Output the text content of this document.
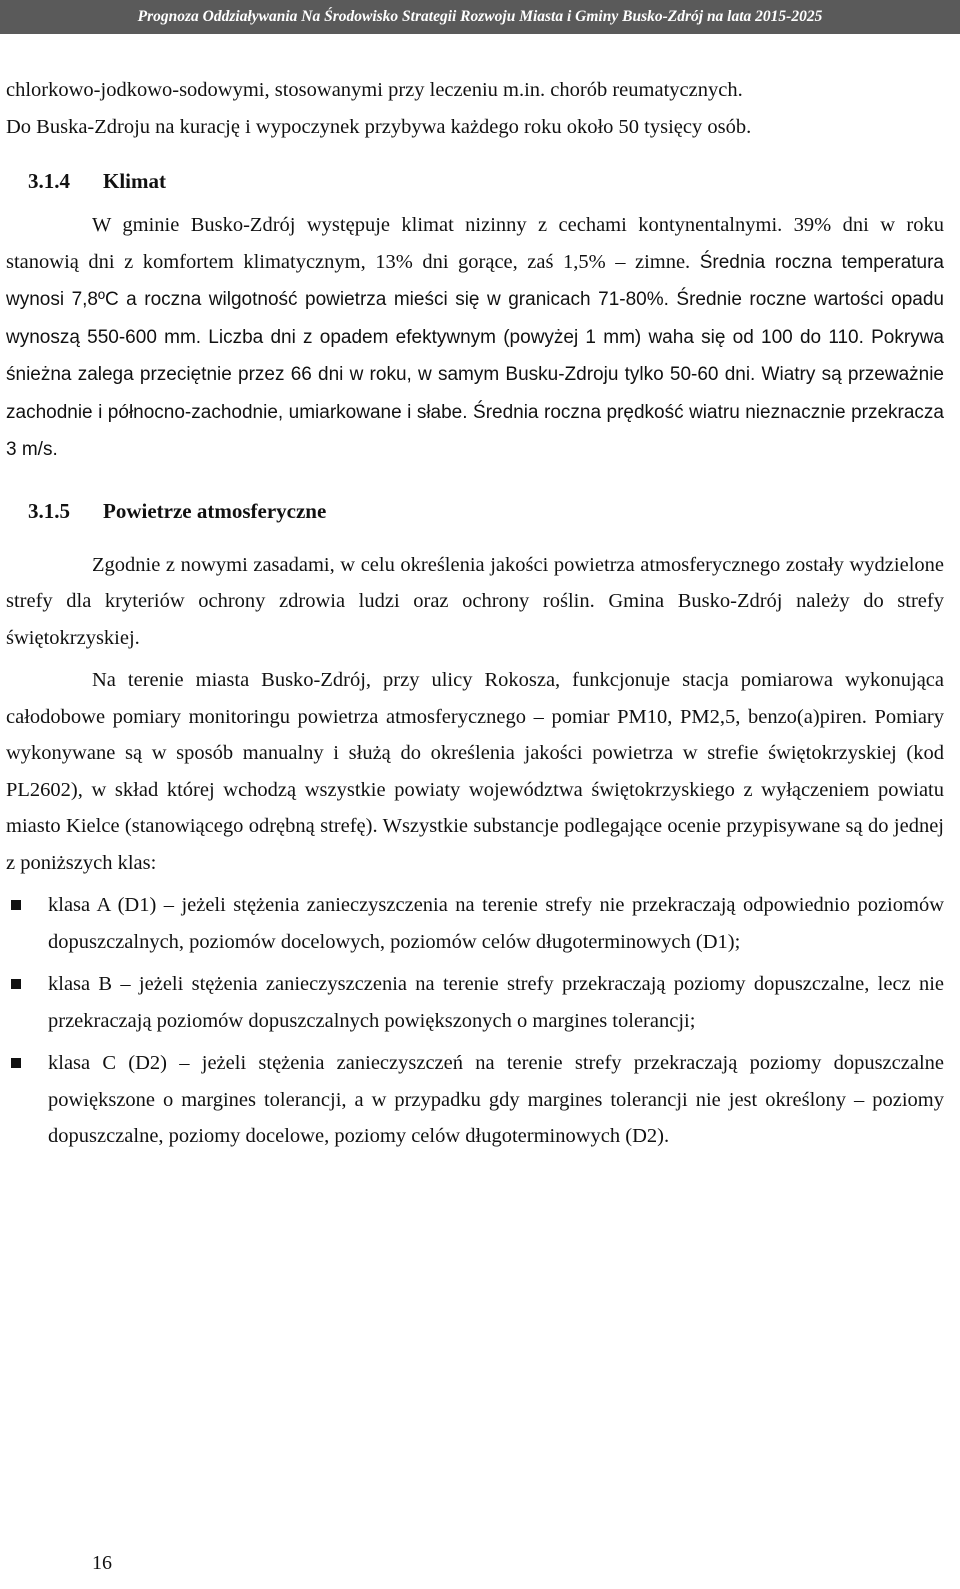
Prognoza Oddziaływania Na Środowisko Strategii Rozwoju Miasta i Gminy Busko-Zdrój na lata 2015-2025

chlorkowo-jodkowo-sodowymi, stosowanymi przy leczeniu m.in. chorób reumatycznych.

Do Buska-Zdroju na kurację i wypoczynek przybywa każdego roku około 50 tysięcy osób.

3.1.4 Klimat

W gminie Busko-Zdrój występuje klimat nizinny z cechami kontynentalnymi. 39% dni w roku stanowią dni z komfortem klimatycznym, 13% dni gorące, zaś 1,5% – zimne. Średnia roczna temperatura wynosi 7,8ºC a roczna wilgotność powietrza mieści się w granicach 71-80%. Średnie roczne wartości opadu wynoszą 550-600 mm. Liczba dni z opadem efektywnym (powyżej 1 mm) waha się od 100 do 110. Pokrywa śnieżna zalega przeciętnie przez 66 dni w roku, w samym Busku-Zdroju tylko 50-60 dni. Wiatry są przeważnie zachodnie i północno-zachodnie, umiarkowane i słabe. Średnia roczna prędkość wiatru nieznacznie przekracza 3 m/s.

3.1.5 Powietrze atmosferyczne

Zgodnie z nowymi zasadami, w celu określenia jakości powietrza atmosferycznego zostały wydzielone strefy dla kryteriów ochrony zdrowia ludzi oraz ochrony roślin. Gmina Busko-Zdrój należy do strefy świętokrzyskiej.

Na terenie miasta Busko-Zdrój, przy ulicy Rokosza, funkcjonuje stacja pomiarowa wykonująca całodobowe pomiary monitoringu powietrza atmosferycznego – pomiar PM10, PM2,5, benzo(a)piren. Pomiary wykonywane są w sposób manualny i służą do określenia jakości powietrza w strefie świętokrzyskiej (kod PL2602), w skład której wchodzą wszystkie powiaty województwa świętokrzyskiego z wyłączeniem powiatu miasto Kielce (stanowiącego odrębną strefę). Wszystkie substancje podlegające ocenie przypisywane są do jednej z poniższych klas:

klasa A (D1) – jeżeli stężenia zanieczyszczenia na terenie strefy nie przekraczają odpowiednio poziomów dopuszczalnych, poziomów docelowych, poziomów celów długoterminowych (D1);
klasa B – jeżeli stężenia zanieczyszczenia na terenie strefy przekraczają poziomy dopuszczalne, lecz nie przekraczają poziomów dopuszczalnych powiększonych o margines tolerancji;
klasa C (D2) – jeżeli stężenia zanieczyszczeń na terenie strefy przekraczają poziomy dopuszczalne powiększone o margines tolerancji, a w przypadku gdy margines tolerancji nie jest określony – poziomy dopuszczalne, poziomy docelowe, poziomy celów długoterminowych (D2).
16
